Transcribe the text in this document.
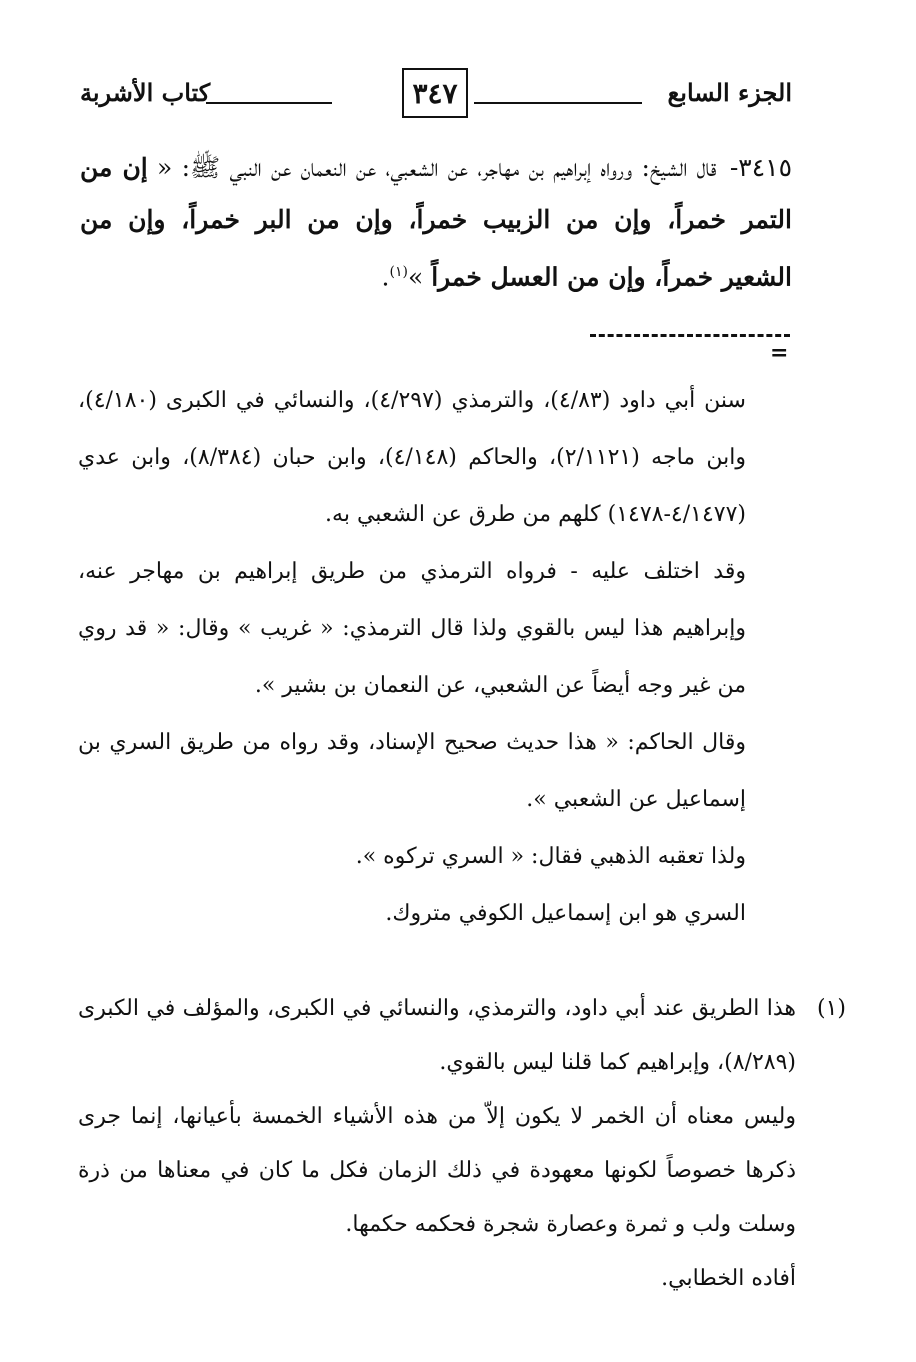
الجزء السابع
٣٤٧
كتاب الأشربة
٣٤١٥- قال الشيخ: ورواه إبراهيم بن مهاجر، عن الشعبي، عن النعمان عن النبي ﷺ: « إن من التمر خمراً، وإن من الزبيب خمراً، وإن من البر خمراً، وإن من الشعير خمراً، وإن من العسل خمراً »$^{(١)}$.
=

سنن أبي داود (٤/٨٣)، والترمذي (٤/٢٩٧)، والنسائي في الكبرى (٤/١٨٠)، وابن ماجه (٢/١١٢١)، والحاكم (٤/١٤٨)، وابن حبان (٨/٣٨٤)، وابن عدي (٤/١٤٧٧-١٤٧٨) كلهم من طرق عن الشعبي به.

وقد اختلف عليه - فرواه الترمذي من طريق إبراهيم بن مهاجر عنه، وإبراهيم هذا ليس بالقوي ولذا قال الترمذي: « غريب » وقال: « قد روي من غير وجه أيضاً عن الشعبي، عن النعمان بن بشير ».

وقال الحاكم: « هذا حديث صحيح الإسناد، وقد رواه من طريق السري بن إسماعيل عن الشعبي ».

ولذا تعقبه الذهبي فقال: « السري تركوه ».

السري هو ابن إسماعيل الكوفي متروك.

(١)
هذا الطريق عند أبي داود، والترمذي، والنسائي في الكبرى، والمؤلف في الكبرى (٨/٢٨٩)، وإبراهيم كما قلنا ليس بالقوي.

وليس معناه أن الخمر لا يكون إلاّ من هذه الأشياء الخمسة بأعيانها، إنما جرى ذكرها خصوصاً لكونها معهودة في ذلك الزمان فكل ما كان في معناها من ذرة وسلت ولب و ثمرة وعصارة شجرة فحكمه حكمها.

أفاده الخطابي.
